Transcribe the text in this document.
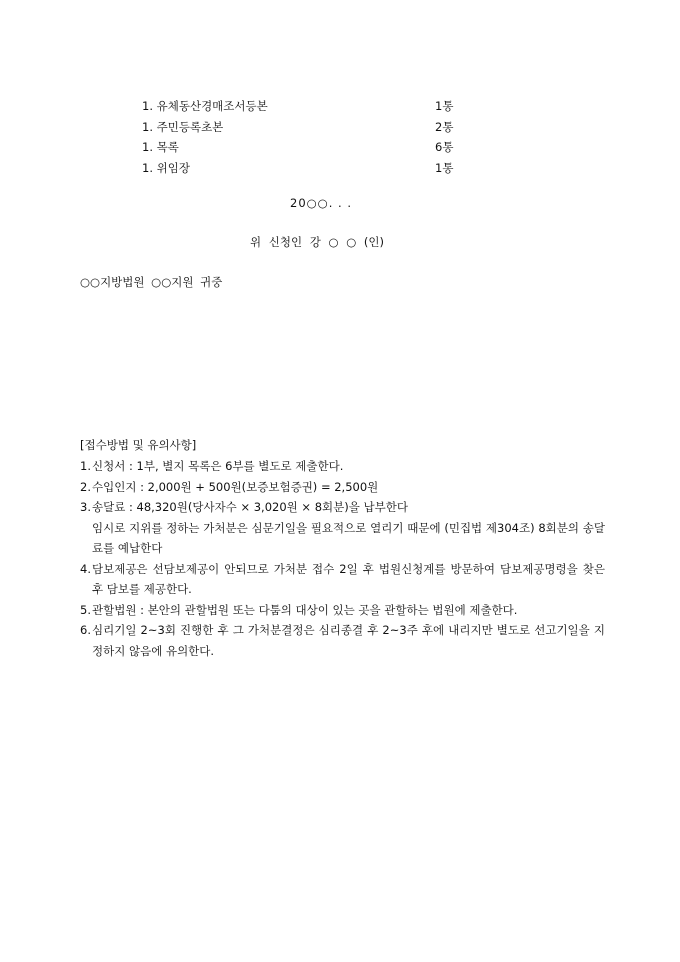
1. 유체동산경매조서등본	1통
1. 주민등록초본	2통
1. 목록	6통
1. 위임장	1통
20○○. . .
위 신청인 강 ○ ○ (인)
○○지방법원 ○○지원 귀중
[접수방법 및 유의사항]
1. 신청서 : 1부, 별지 목록은 6부를 별도로 제출한다.
2. 수입인지 : 2,000원 + 500원(보증보험증권) = 2,500원
3. 송달료 : 48,320원(당사자수 × 3,020원 × 8회분)을 납부한다
임시로 지위를 정하는 가처분은 심문기일을 필요적으로 열리기 때문에 (민집법 제304조) 8회분의 송달료를 예납한다
4. 담보제공은 선담보제공이 안되므로 가처분 접수 2일 후 법원신청계를 방문하여 담보제공명령을 찾은 후 담보를 제공한다.
5. 관할법원 : 본안의 관할법원 또는 다툼의 대상이 있는 곳을 관할하는 법원에 제출한다.
6. 심리기일 2~3회 진행한 후 그 가처분결정은 심리종결 후 2~3주 후에 내리지만 별도로 선고기일을 지정하지 않음에 유의한다.
